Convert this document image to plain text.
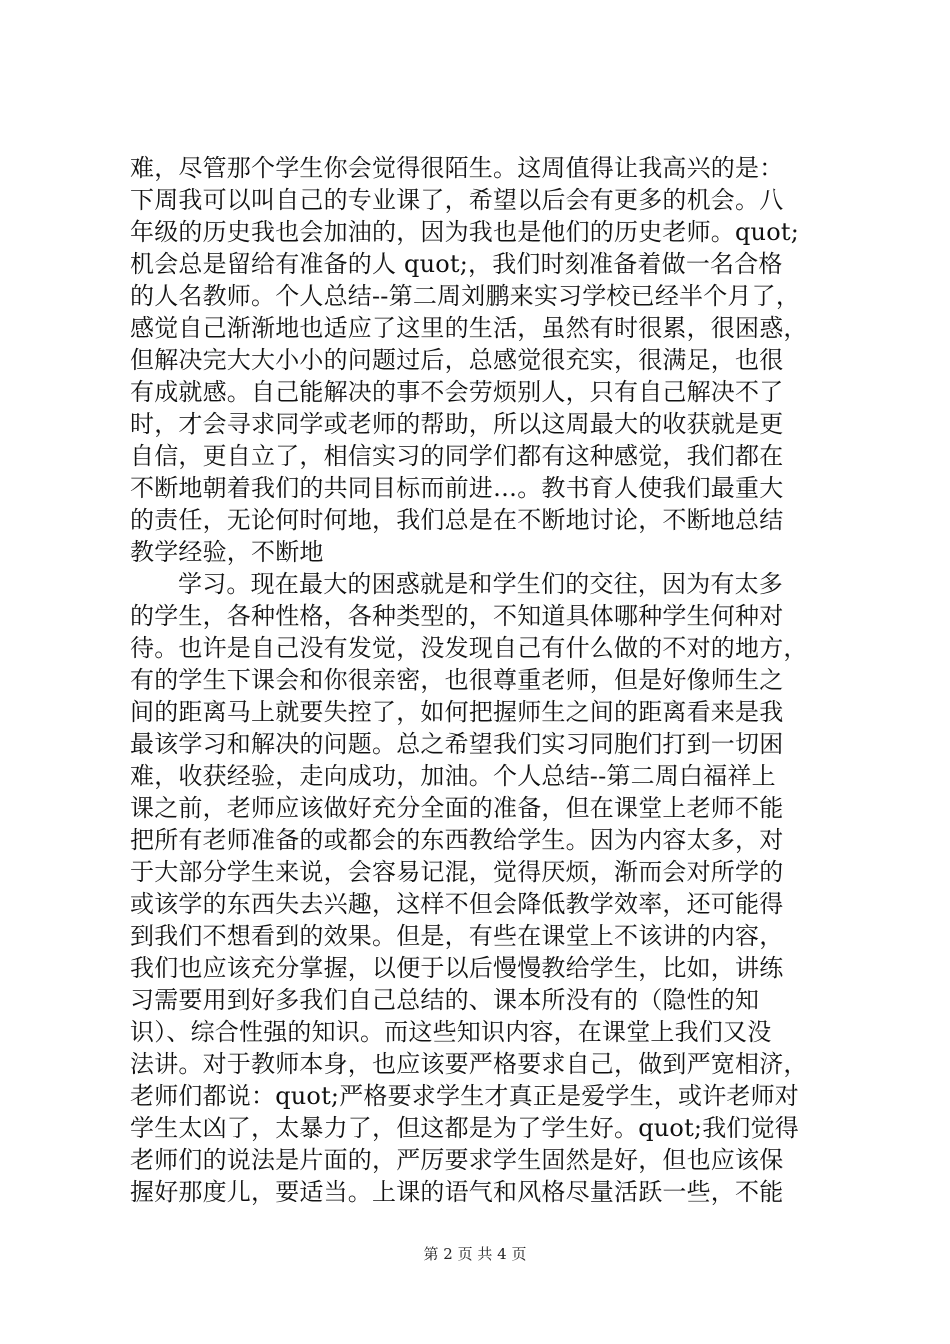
难，尽管那个学生你会觉得很陌生。这周值得让我高兴的是：
下周我可以叫自己的专业课了，希望以后会有更多的机会。八
年级的历史我也会加油的，因为我也是他们的历史老师。quot;
机会总是留给有准备的人 quot;，我们时刻准备着做一名合格
的人名教师。个人总结--第二周刘鹏来实习学校已经半个月了，
感觉自己渐渐地也适应了这里的生活，虽然有时很累，很困惑，
但解决完大大小小的问题过后，总感觉很充实，很满足，也很
有成就感。自己能解决的事不会劳烦别人，只有自己解决不了
时，才会寻求同学或老师的帮助，所以这周最大的收获就是更
自信，更自立了，相信实习的同学们都有这种感觉，我们都在
不断地朝着我们的共同目标而前进…。教书育人使我们最重大
的责任，无论何时何地，我们总是在不断地讨论，不断地总结
教学经验，不断地
学习。现在最大的困惑就是和学生们的交往，因为有太多
的学生，各种性格，各种类型的，不知道具体哪种学生何种对
待。也许是自己没有发觉，没发现自己有什么做的不对的地方，
有的学生下课会和你很亲密，也很尊重老师，但是好像师生之
间的距离马上就要失控了，如何把握师生之间的距离看来是我
最该学习和解决的问题。总之希望我们实习同胞们打到一切困
难，收获经验，走向成功，加油。个人总结--第二周白福祥上
课之前，老师应该做好充分全面的准备，但在课堂上老师不能
把所有老师准备的或都会的东西教给学生。因为内容太多，对
于大部分学生来说，会容易记混，觉得厌烦，渐而会对所学的
或该学的东西失去兴趣，这样不但会降低教学效率，还可能得
到我们不想看到的效果。但是，有些在课堂上不该讲的内容，
我们也应该充分掌握，以便于以后慢慢教给学生，比如，讲练
习需要用到好多我们自己总结的、课本所没有的（隐性的知
识）、综合性强的知识。而这些知识内容，在课堂上我们又没
法讲。对于教师本身，也应该要严格要求自己，做到严宽相济，
老师们都说：quot;严格要求学生才真正是爱学生，或许老师对
学生太凶了，太暴力了，但这都是为了学生好。quot;我们觉得
老师们的说法是片面的，严厉要求学生固然是好，但也应该保
握好那度儿，要适当。上课的语气和风格尽量活跃一些，不能
第 2 页 共 4 页
